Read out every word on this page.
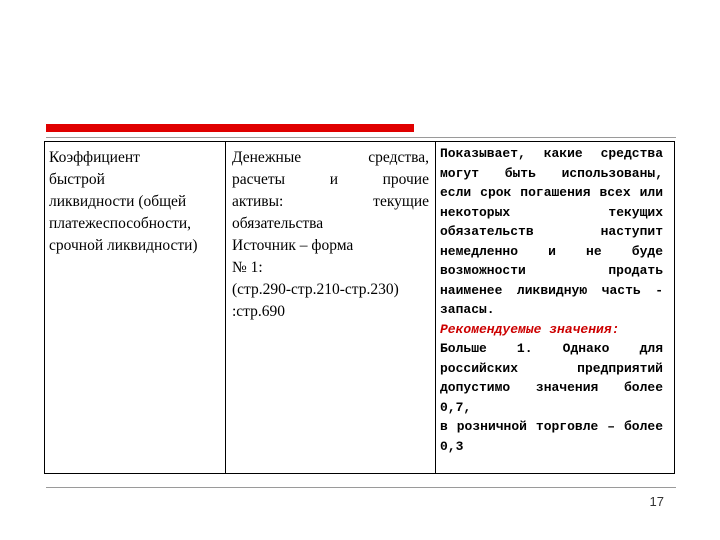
Коэффициент

быстрой

ликвидности (общей

платежеспособности,

срочной ликвидности)

Денежные средства,

расчеты и прочие

активы: текущие

обязательства

Источник – форма

№ 1:

(стр.290-стр.210-стр.230)

:стр.690

Показывает, какие средства

могут быть использованы,

если срок погашения всех или

некоторых текущих

обязательств наступит

немедленно и не буде

возможности продать

наименее ликвидную часть -

запасы.

Рекомендуемые значения:

Больше 1. Однако для

российских предприятий

допустимо значения более 0,7,

в розничной торговле – более

0,3

17
